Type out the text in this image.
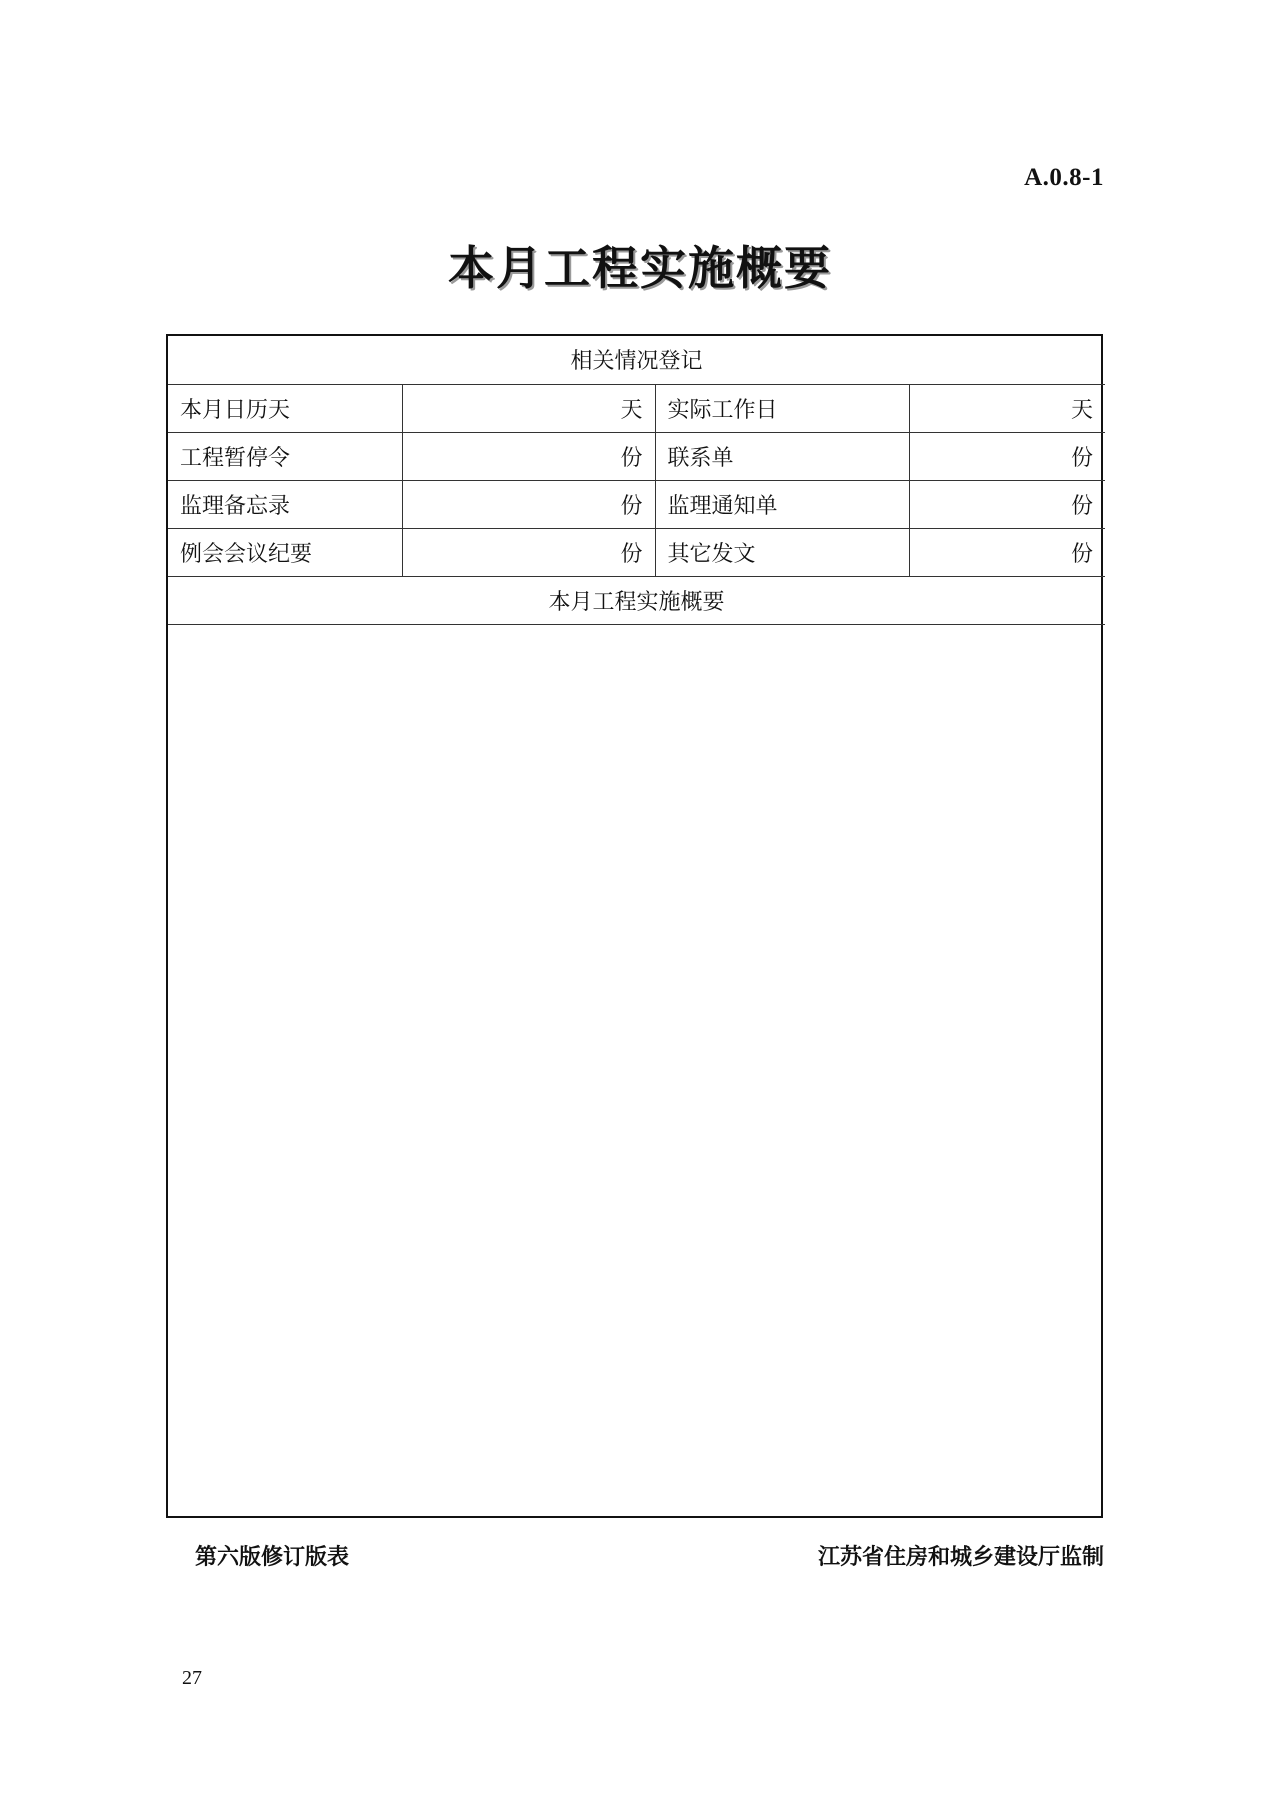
A.0.8-1
本月工程实施概要
相关情况登记			
本月日历天	天	实际工作日	天
工程暂停令	份	联系单	份
监理备忘录	份	监理通知单	份
例会会议纪要	份	其它发文	份
本月工程实施概要			
第六版修订版表	江苏省住房和城乡建设厅监制
27
